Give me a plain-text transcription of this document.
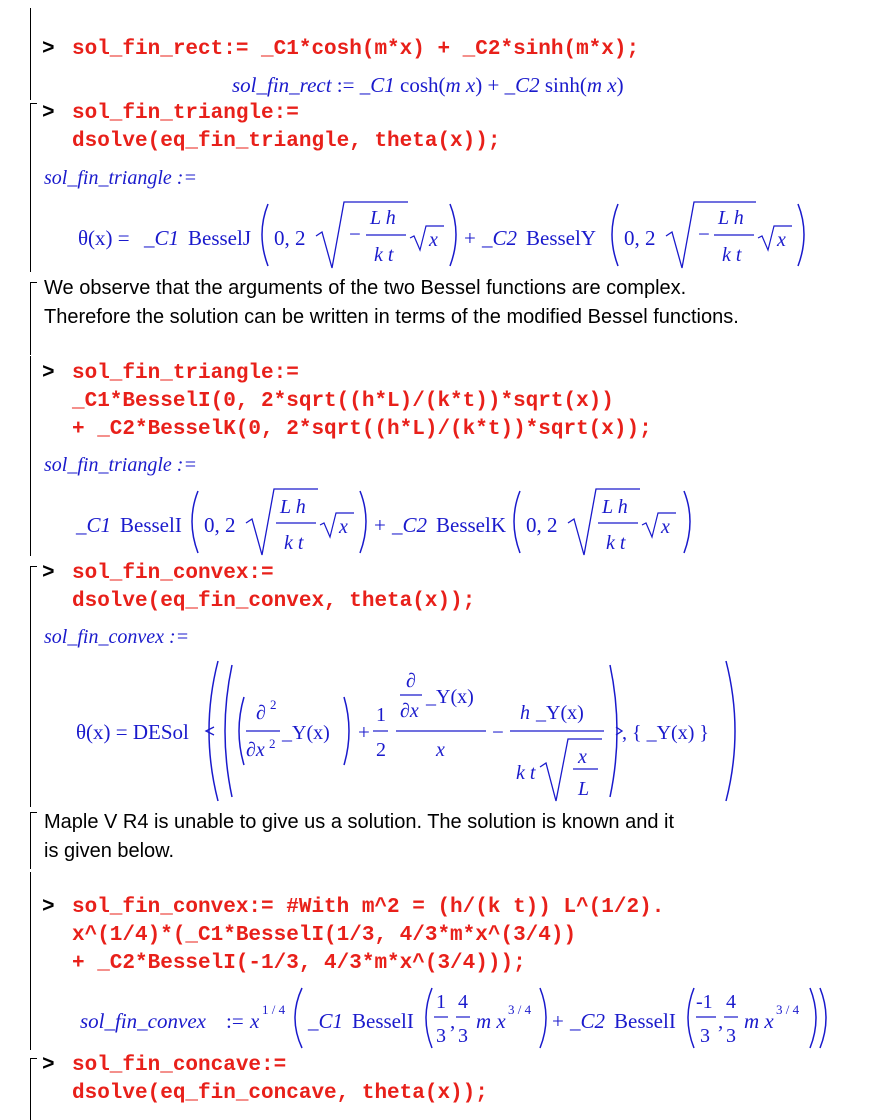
> sol_fin_rect:= _C1*cosh(m*x) + _C2*sinh(m*x);
sol_fin_rect := _C1 cosh(m x) + _C2 sinh(m x)
> sol_fin_triangle:=
dsolve(eq_fin_triangle, theta(x));
sol_fin_triangle :=
θ(x) = _C1 BesselJ 0, 2 −
L h
k t
x + _C2 BesselY 0, 2 −
L h
k t
x
We observe that the arguments of the two Bessel functions are complex.
Therefore the solution can be written in terms of the modified Bessel functions.
> sol_fin_triangle:=
_C1*BesselI(0, 2*sqrt((h*L)/(k*t))*sqrt(x))
+ _C2*BesselK(0, 2*sqrt((h*L)/(k*t))*sqrt(x));
sol_fin_triangle :=
_C1 BesselI 0, 2
L h
k t
x + _C2 BesselK 0, 2
L h
k t
x
> sol_fin_convex:=
dsolve(eq_fin_convex, theta(x));
sol_fin_convex :=
θ(x) = DESol
∂ 2
∂x 2 _Y(x) +
1
2
∂
∂x
_Y(x)
x
−
h _Y(x)
k t
x
L
, { _Y(x) }
Maple V R4 is unable to give us a solution. The solution is known and it
is given below.
> sol_fin_convex:= #With m^2 = (h/(k t)) L^(1/2).
x^(1/4)*(_C1*BesselI(1/3, 4/3*m*x^(3/4))
+ _C2*BesselI(-1/3, 4/3*m*x^(3/4)));
sol_fin_convex := x 1 / 4 _C1 BesselI
1
3
,
4
3
m x 3 / 4 + _C2 BesselI
-1
3
,
4
3
m x 3 / 4
> sol_fin_concave:=
dsolve(eq_fin_concave, theta(x));
